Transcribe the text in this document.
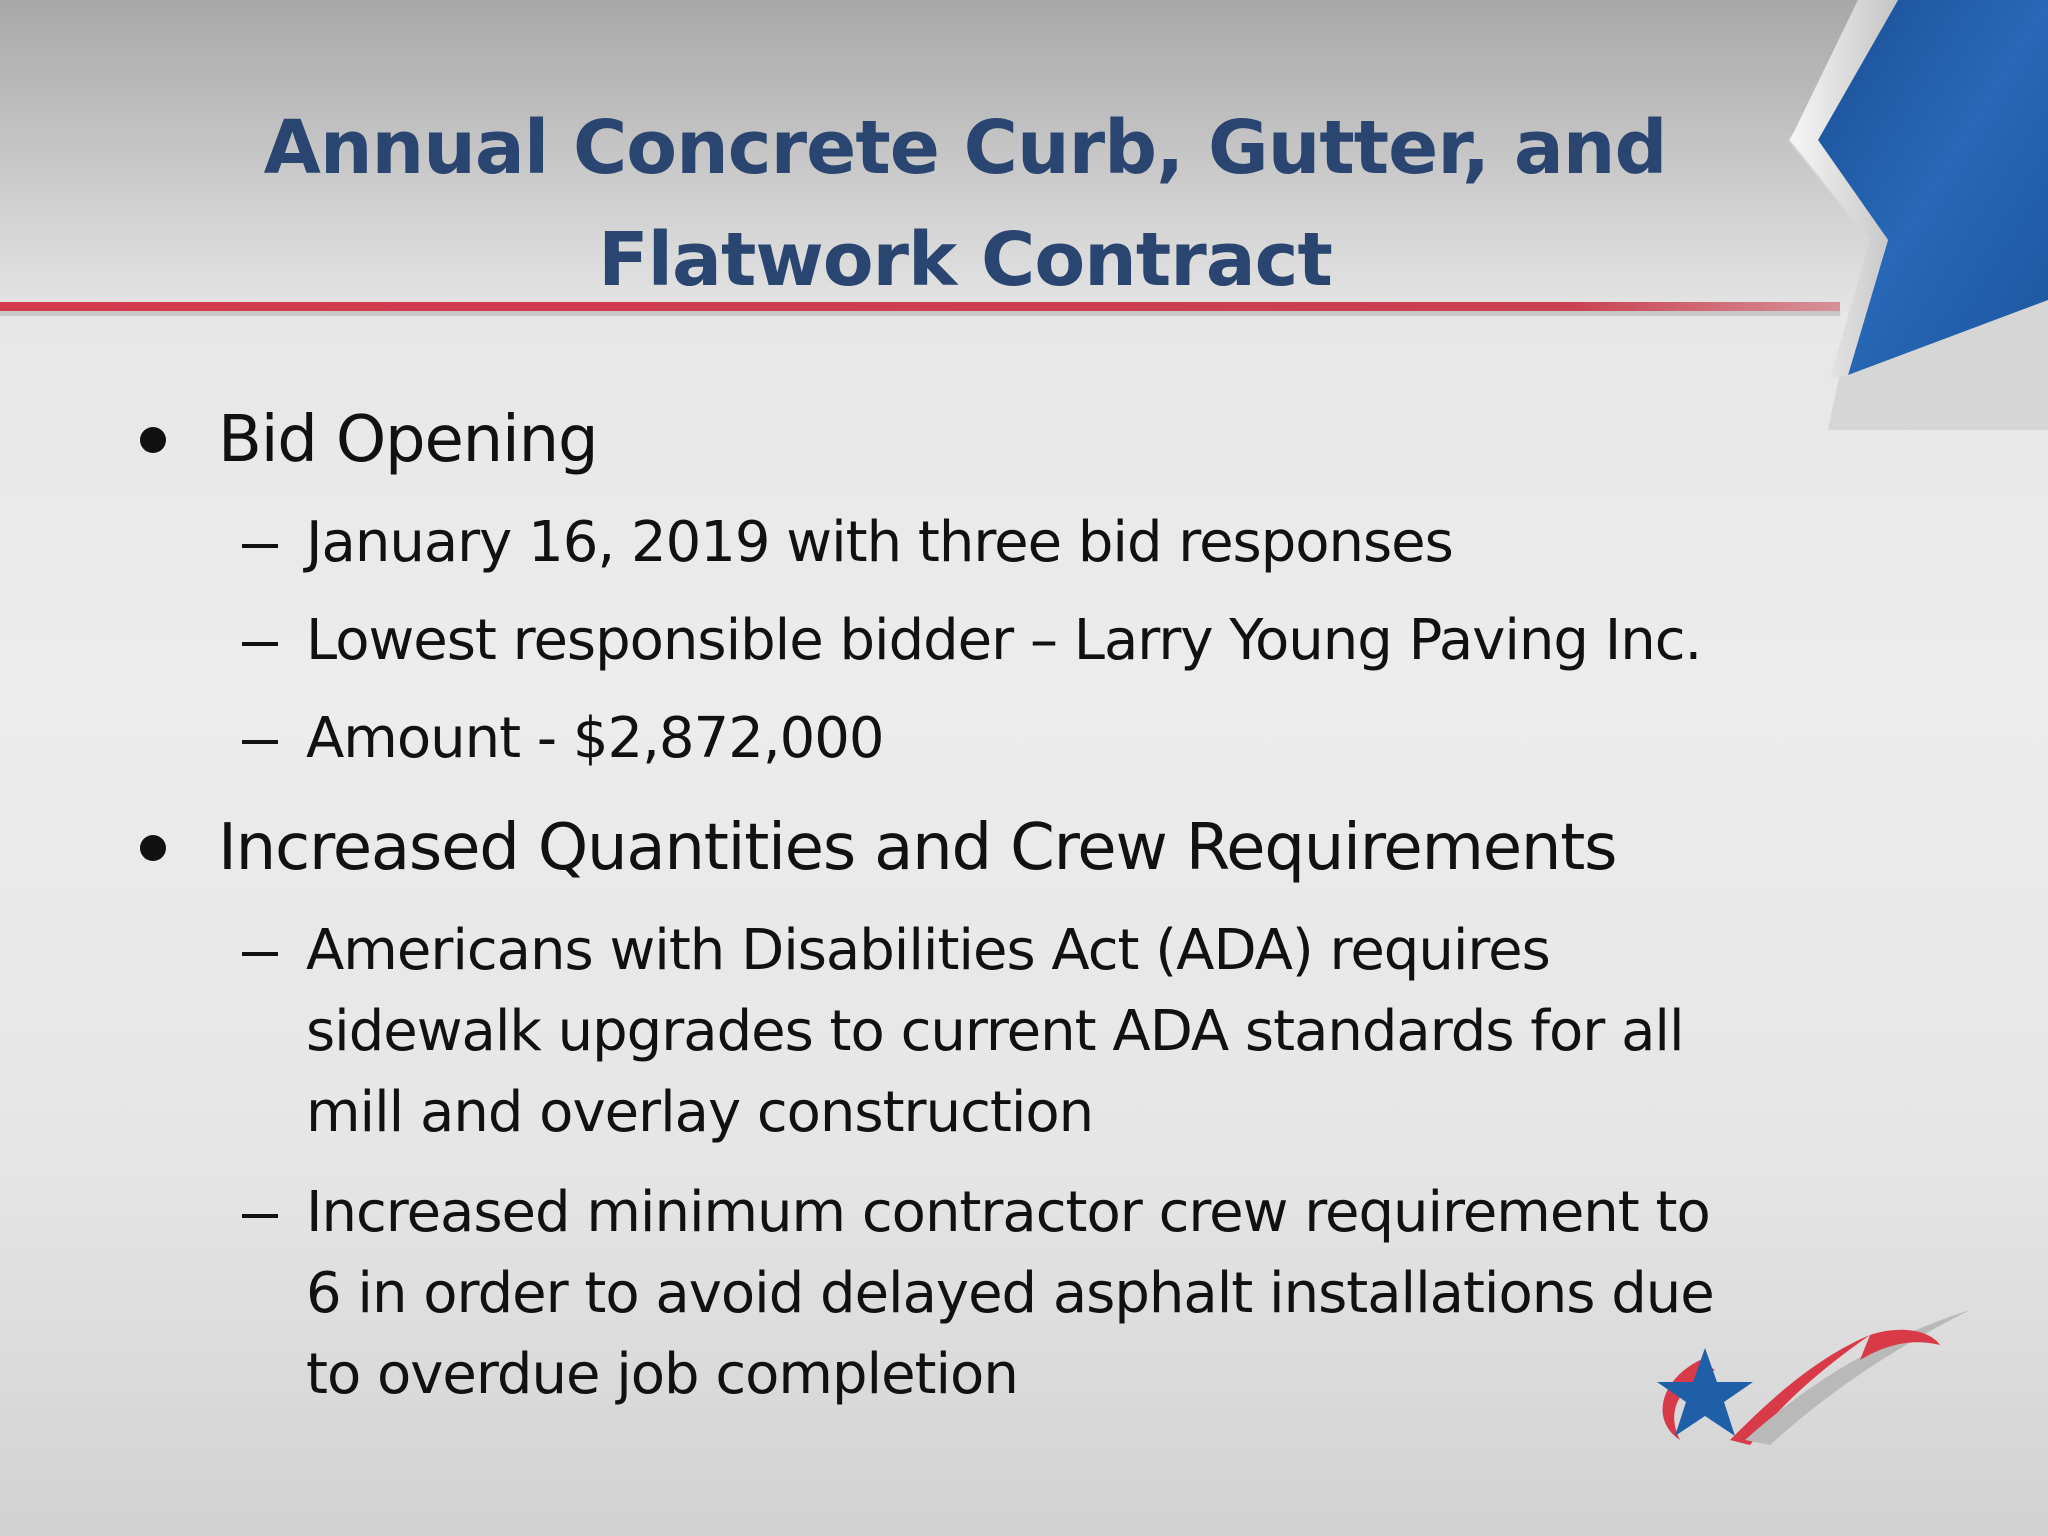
Annual Concrete Curb, Gutter, and Flatwork Contract
Bid Opening
January 16, 2019 with three bid responses
Lowest responsible bidder – Larry Young Paving Inc.
Amount - $2,872,000
Increased Quantities and Crew Requirements
Americans with Disabilities Act (ADA) requires
sidewalk upgrades to current ADA standards for all
mill and overlay construction
Increased minimum contractor crew requirement to
6 in order to avoid delayed asphalt installations due
to overdue job completion
